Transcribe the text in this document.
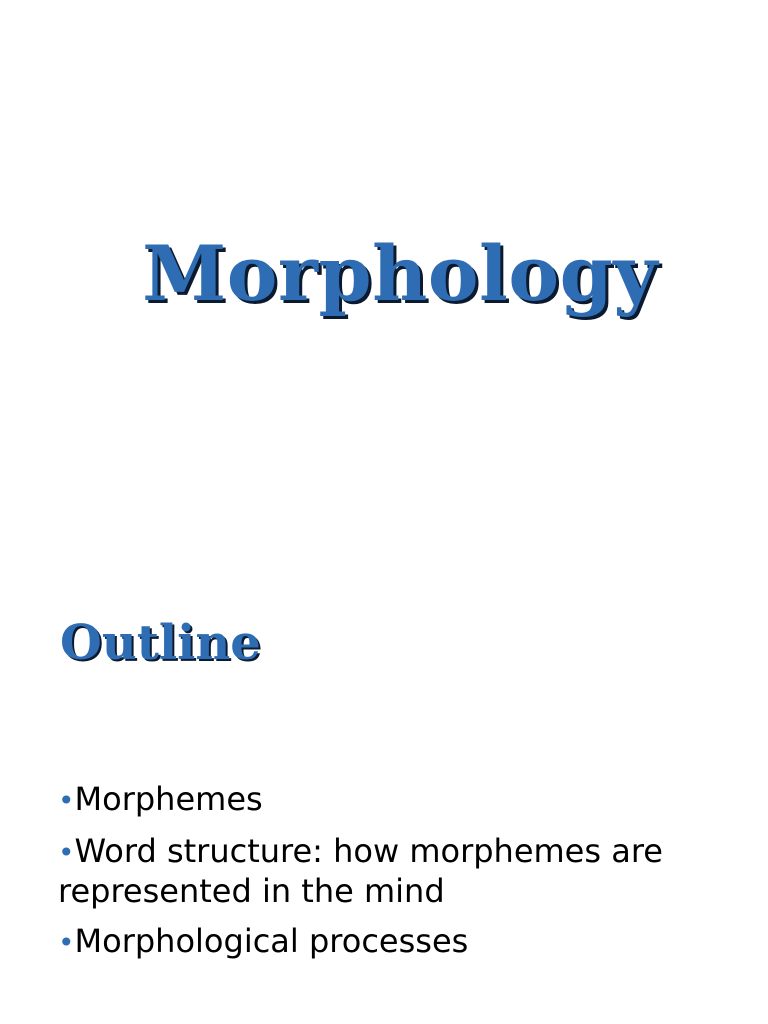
Morphology
Outline
•Morphemes
•Word structure: how morphemes are represented in the mind
•Morphological processes
